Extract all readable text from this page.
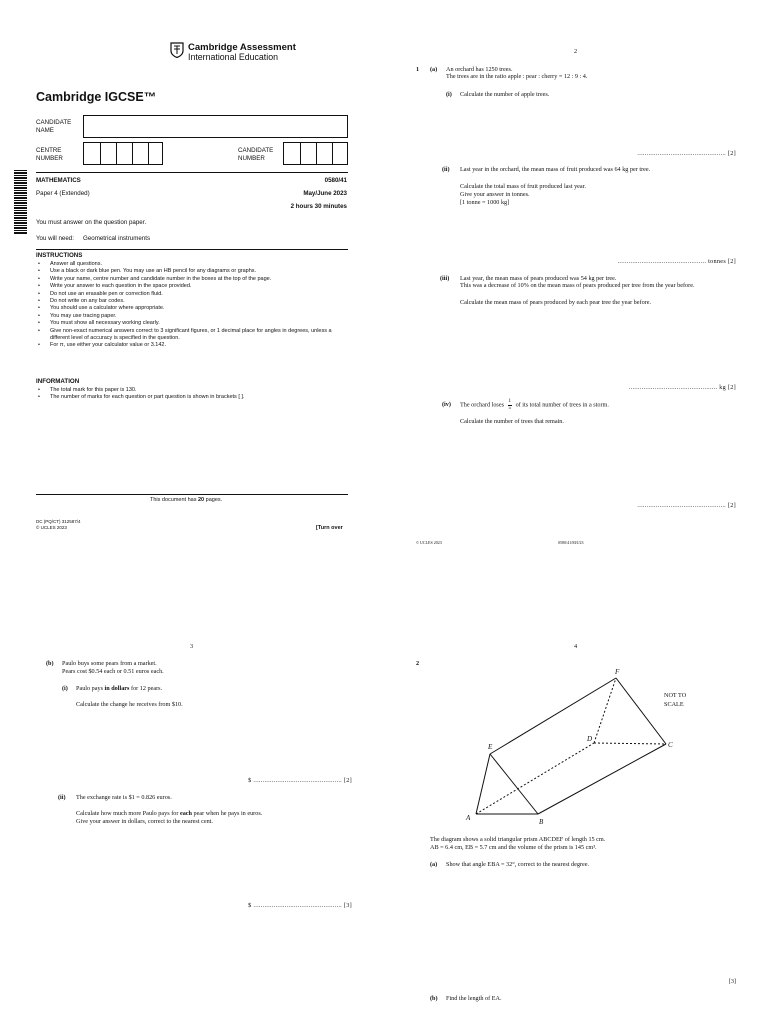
Cambridge Assessment
International Education
Cambridge IGCSE™
CANDIDATE NAME
CENTRE NUMBER
CANDIDATE NUMBER
MATHEMATICS	0580/41
Paper 4 (Extended)	May/June 2023
2 hours 30 minutes
You must answer on the question paper.
You will need: Geometrical instruments
INSTRUCTIONS
• Answer all questions.
• Use a black or dark blue pen. You may use an HB pencil for any diagrams or graphs.
• Write your name, centre number and candidate number in the boxes at the top of the page.
• Write your answer to each question in the space provided.
• Do not use an erasable pen or correction fluid.
• Do not write on any bar codes.
• You should use a calculator where appropriate.
• You may use tracing paper.
• You must show all necessary working clearly.
• Give non-exact numerical answers correct to 3 significant figures, or 1 decimal place for angles in degrees, unless a different level of accuracy is specified in the question.
• For π, use either your calculator value or 3.142.
INFORMATION
• The total mark for this paper is 130.
• The number of marks for each question or part question is shown in brackets [ ].
This document has 20 pages.
DC (PQ/CT) 312587/4
© UCLES 2023	[Turn over
2
1 (a) An orchard has 1250 trees.
The trees are in the ratio apple : pear : cherry = 12 : 9 : 4.
(i) Calculate the number of apple trees.
................................................ [2]
(ii) Last year in the orchard, the mean mass of fruit produced was 64 kg per tree.
Calculate the total mass of fruit produced last year.
Give your answer in tonnes.
[1 tonne = 1000 kg]
................................................ tonnes [2]
(iii) Last year, the mean mass of pears produced was 54 kg per tree.
This was a decrease of 10% on the mean mass of pears produced per tree from the year before.
Calculate the mean mass of pears produced by each pear tree the year before.
................................................ kg [2]
(iv) The orchard loses $\frac{1}{5}$ of its total number of trees in a storm.
Calculate the number of trees that remain.
................................................ [2]
© UCLES 2023	0580/41/M/J/23
3
(b) Paulo buys some pears from a market.
Pears cost $0.54 each or 0.51 euros each.
(i) Paulo pays in dollars for 12 pears.
Calculate the change he receives from $10.
$ ................................................ [2]
(ii) The exchange rate is $1 = 0.826 euros.
Calculate how much more Paulo pays for each pear when he pays in euros.
Give your answer in dollars, correct to the nearest cent.
$ ................................................ [3]
4
2
A	B
C
D
E
F
NOT TO
SCALE
The diagram shows a solid triangular prism ABCDEF of length 15 cm.
AB = 6.4 cm, EB = 5.7 cm and the volume of the prism is 145 cm³.
(a) Show that angle EBA = 32°, correct to the nearest degree.
[3]
(b) Find the length of EA.
